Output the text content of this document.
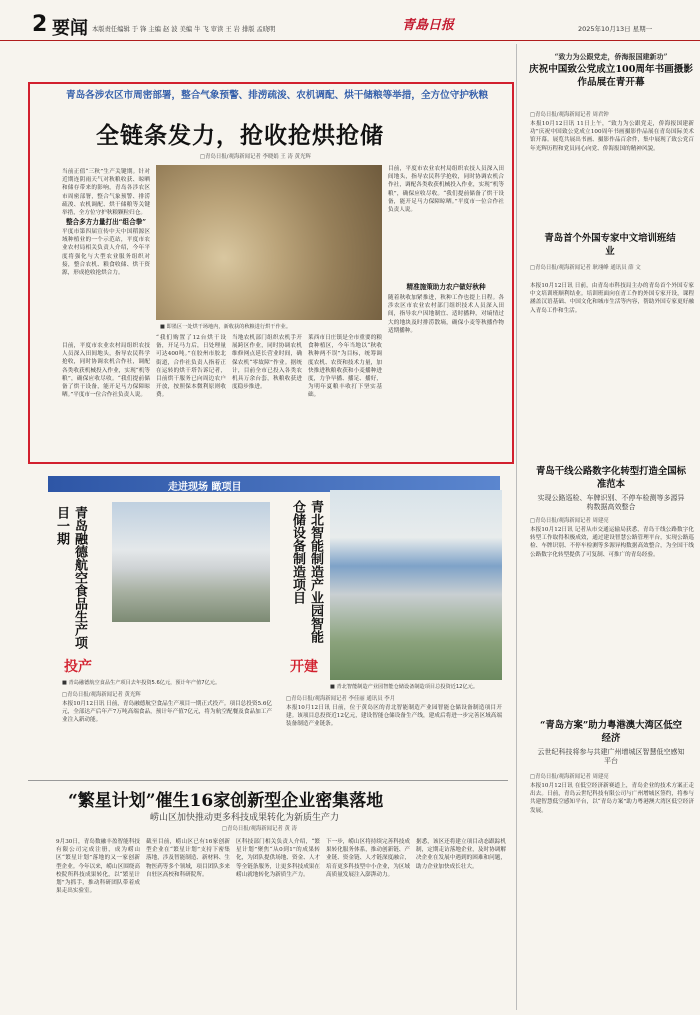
2 要闻 本版责任编辑 于 锋 主编 赵 波 美编 牛 飞 审读 王 岩 排版 孟晓明	青島日报	2025年10月13日 星期一
青岛各涉农区市周密部署，整合气象预警、排涝疏浚、农机调配、烘干储粮等举措，全方位守护秋粮
全链条发力，抢收抢烘抢储
□青岛日报/观海新闻记者 李晓娟 王 涛 黄光辉
当前正值“三秋”生产关键期。针对近期连阴雨天气对秋粮收获、晾晒和储存带来的影响，青岛各涉农区市周密部署，整合气象预警、排涝疏浚、农机调配、烘干储粮等关键举措，全方位守护秋粮颗粒归仓。
整合多方力量打出“组合拳”
平度市第四届宣传中天中国稻源区域种植业的一个示范站，平度市农业农村局相关负责人介绍，今年平度将强化与大型农业服务组织对接，整合农机、粮食收储、烘干资源，形成抢收抢烘合力。
目前，平度市农业农村局组织农技人员深入田间地头，指导农民科学抢收，同时协调农机合作社，调配各类收获机械投入作业，实现“机等粮”，确保应收尽收。“我们提前储备了烘干设备，能开足马力保障晾晒。”平度市一位合作社负责人说。
■ 即墨区一处烘干场地内，新收获的秋粮进行烘干作业。
“我们购置了12台烘干设备，开足马力后，日处理量可达400吨。”在胶州市胶北街道，合作社负责人指着正在运转的烘干塔告诉记者，目前烘干服务已向周边农户开放，按照保本微利原则收费。
当地农机部门组织农机手开展跨区作业，同时协调农机维修网点延长营业时间，确保农机“零故障”作业。据统计，目前全市已投入各类农机具万余台套，秋粮收获进度稳步推进。
莱西市日庄镇是全市重要的粮食种植区，今年当地以“秋收秋种两不误”为目标，统筹调度农机、农资和技术力量，加快推进秋粮收获和小麦播种进度，力争早播、播足、播好，为明年夏粮丰收打下坚实基础。
目前，平度市农业农村局组织农技人员深入田间地头，指导农民科学抢收，同时协调农机合作社，调配各类收获机械投入作业，实现“机等粮”，确保应收尽收。“我们提前储备了烘干设备，能开足马力保障晾晒。”平度市一位合作社负责人说。
精准施策助力农户做好秋种
随着秋收加紧推进，秋种工作也提上日程。各涉农区市农业农村部门组织技术人员深入田间，指导农户因地制宜、适时播种，对墒情过大的地块及时排涝散墒，确保小麦等秋播作物适期播种。
走进现场 瞰项目
青岛融德航空食品生产项目一期
投产
■ 青岛融德航空食品生产项目去年投资5.6亿元，预计年产值7亿元。
□青岛日报/观海新闻记者 黄光辉
本报10月12日讯 日前，青岛融德航空食品生产项目一期正式投产。项目总投资5.6亿元，全部达产后年产7万吨高端食品，预计年产值7亿元，将为航空配餐及食品加工产业注入新动能。
青北智能制造产业园智能仓储设备制造项目
开建
■ 青北智能制造产业园智能仓储设备制造项目总投资近12亿元。
□青岛日报/观海新闻记者 李佳丽 通讯员 李月
本报10月12日讯 日前，位于黄岛区的青北智能制造产业园智能仓储设备制造项目开建。该项目总投资近12亿元，建设智能仓储设备生产线，建成后将进一步完善区域高端装备制造产业链条。
“繁星计划”催生16家创新型企业密集落地
崂山区加快推动更多科技成果转化为新质生产力
□青岛日报/观海新闻记者 黄 涛
9月30日，青岛数融丰盈智能科技有限公司完成注册，成为崂山区“繁星计划”落地的又一家创新型企业。今年以来，崂山区围绕高校院所科技成果转化，以“繁星计划”为抓手，推动科研团队带着成果走出实验室。
截至目前，崂山区已有16家创新型企业在“繁星计划”支持下密集落地，涉及智能制造、新材料、生物医药等多个领域，项目团队多来自驻区高校和科研院所。
区科技部门相关负责人介绍，“繁星计划”聚焦“从0到1”的成果转化，为团队提供场地、资金、人才等全链条服务，让更多科技成果在崂山就地转化为新质生产力。
下一步，崂山区将持续完善科技成果转化服务体系，推动创新链、产业链、资金链、人才链深度融合，培育更多科技型中小企业，为区域高质量发展注入澎湃动力。
据悉，该区还将建立项目动态跟踪机制，定期走访落地企业，及时协调解决企业在发展中遇到的困难和问题，助力企业加快成长壮大。
“致力为公跟党走，侨海报国建新功”
庆祝中国致公党成立100周年书画摄影作品展在青开幕
□青岛日报/观海新闻记者 周君钟
本报10月12日讯 11日上午，“致力为公跟党走，侨海报国建新功”庆祝中国致公党成立100周年书画摄影作品展在青岛国际美术馆开幕。展览共展出书画、摄影作品百余件，集中展现了致公党百年光辉历程和党员同心向党、侨海报国的精神风貌。
青岛首个外国专家中文培训班结业
□青岛日报/观海新闻记者 耿翊峰 通讯员 薛 文
本报10月12日讯 日前，由青岛市科技局主办的青岛首个外国专家中文培训班顺利结业。培训班面向在青工作的外国专家开设，课程涵盖汉语基础、中国文化和城市生活等内容，帮助外国专家更好融入青岛工作和生活。
青岛干线公路数字化转型打造全国标准范本
实现公路巡检、车牌识别、不停车检测等多源异构数据高效整合
□青岛日报/观海新闻记者 周建亮
本报10月12日讯 记者从市交通运输局获悉，青岛干线公路数字化转型工作取得积极成效，通过建设智慧公路管理平台，实现公路巡检、车牌识别、不停车检测等多源异构数据高效整合，为全国干线公路数字化转型提供了可复制、可推广的青岛经验。
“青岛方案”助力粤港澳大湾区低空经济
云世纪科技将参与共建广州增城区智慧低空感知平台
□青岛日报/观海新闻记者 周建亮
本报10月12日讯 在低空经济新赛道上，青岛企业的技术方案正走出去。日前，青岛云世纪科技有限公司与广州增城区签约，将参与共建智慧低空感知平台，以“青岛方案”助力粤港澳大湾区低空经济发展。
